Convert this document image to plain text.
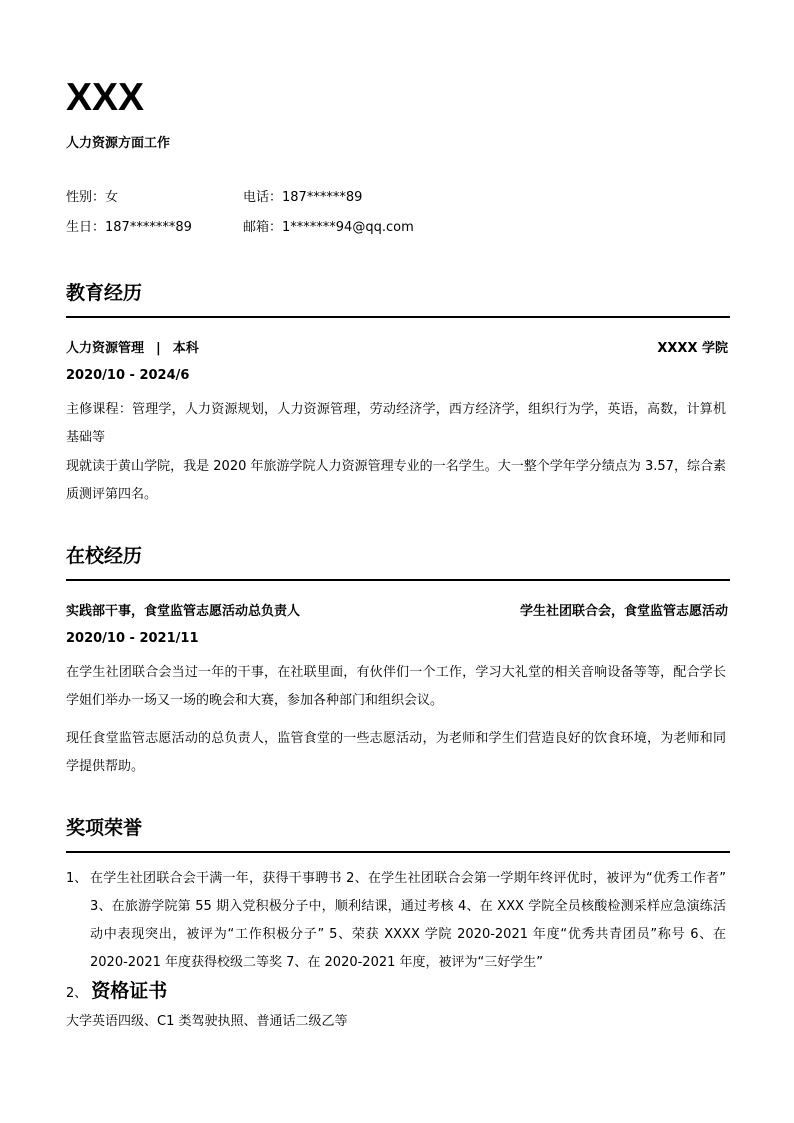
XXX
人力资源方面工作
性别：女	电话：187******89
生日：187*******89	邮箱：1*******94@qq.com
教育经历
人力资源管理 | 本科	XXXX 学院
2020/10 - 2024/6
主修课程：管理学，人力资源规划，人力资源管理，劳动经济学，西方经济学，组织行为学，英语，高数，计算机基础等
现就读于黄山学院，我是 2020 年旅游学院人力资源管理专业的一名学生。大一整个学年学分绩点为 3.57，综合素质测评第四名。
在校经历
实践部干事，食堂监管志愿活动总负责人	学生社团联合会，食堂监管志愿活动
2020/10 - 2021/11
在学生社团联合会当过一年的干事，在社联里面，有伙伴们一个工作，学习大礼堂的相关音响设备等等，配合学长学姐们举办一场又一场的晚会和大赛，参加各种部门和组织会议。
现任食堂监管志愿活动的总负责人，监管食堂的一些志愿活动，为老师和学生们营造良好的饮食环境，为老师和同学提供帮助。
奖项荣誉
1、 在学生社团联合会干满一年，获得干事聘书 2、在学生社团联合会第一学期年终评优时，被评为“优秀工作者” 3、在旅游学院第 55 期入党积极分子中，顺利结课，通过考核 4、在 XXX 学院全员核酸检测采样应急演练活动中表现突出，被评为“工作积极分子” 5、荣获 XXXX 学院 2020-2021 年度“优秀共青团员”称号 6、在 2020-2021 年度获得校级二等奖 7、在 2020-2021 年度，被评为“三好学生”
2、 资格证书
大学英语四级、C1 类驾驶执照、普通话二级乙等
